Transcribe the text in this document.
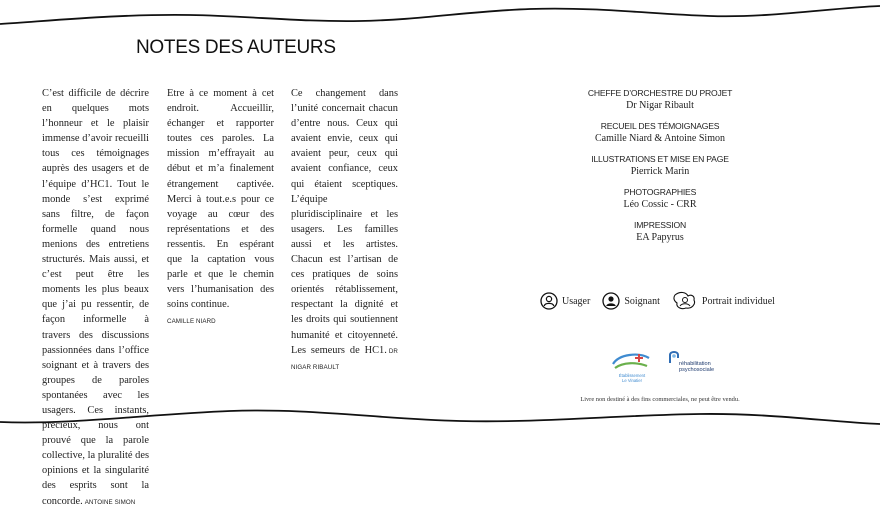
NOTES DES AUTEURS

C’est difficile de décrire en quelques mots l’honneur et le plaisir immense d’avoir recueilli tous ces témoignages auprès des usagers et de l’équipe d’HC1. Tout le monde s’est exprimé sans filtre, de façon formelle quand nous menions des entretiens structurés. Mais aussi, et c’est peut être les moments les plus beaux que j’ai pu ressentir, de façon informelle à travers des discussions passionnées dans l’office soignant et à travers des groupes de paroles spontanées avec les usagers. Ces instants, précieux, nous ont prouvé que la parole collective, la pluralité des opinions et la singularité des esprits sont la concorde. ANTOINE SIMON

Etre à ce moment à cet endroit. Accueillir, échanger et rapporter toutes ces paroles. La mission m’effrayait au début et m’a finalement étrangement captivée. Merci à tout.e.s pour ce voyage au cœur des représentations et des ressentis. En espérant que la captation vous parle et que le chemin vers l’humanisation des soins continue.
CAMILLE NIARD

Ce changement dans l’unité concernait chacun d’entre nous. Ceux qui avaient envie, ceux qui avaient peur, ceux qui avaient confiance, ceux qui étaient sceptiques. L’équipe pluridisciplinaire et les usagers. Les familles aussi et les artistes. Chacun est l’artisan de ces pratiques de soins orientés rétablissement, respectant la dignité et les droits qui soutiennent humanité et citoyenneté. Les semeurs de HC1. DR NIGAR RIBAULT

CHEFFE D’ORCHESTRE DU PROJET
Dr Nigar Ribault
RECUEIL DES TÉMOIGNAGES
Camille Niard & Antoine Simon
ILLUSTRATIONS ET MISE EN PAGE
Pierrick Marin
PHOTOGRAPHIES
Léo Cossic - CRR
IMPRESSION
EA Papyrus
Usager	Soignant	Portrait individuel
Établissement
Le Vinatier
réhabilitation
psychosociale
Livre non destiné à des fins commerciales, ne peut être vendu.
